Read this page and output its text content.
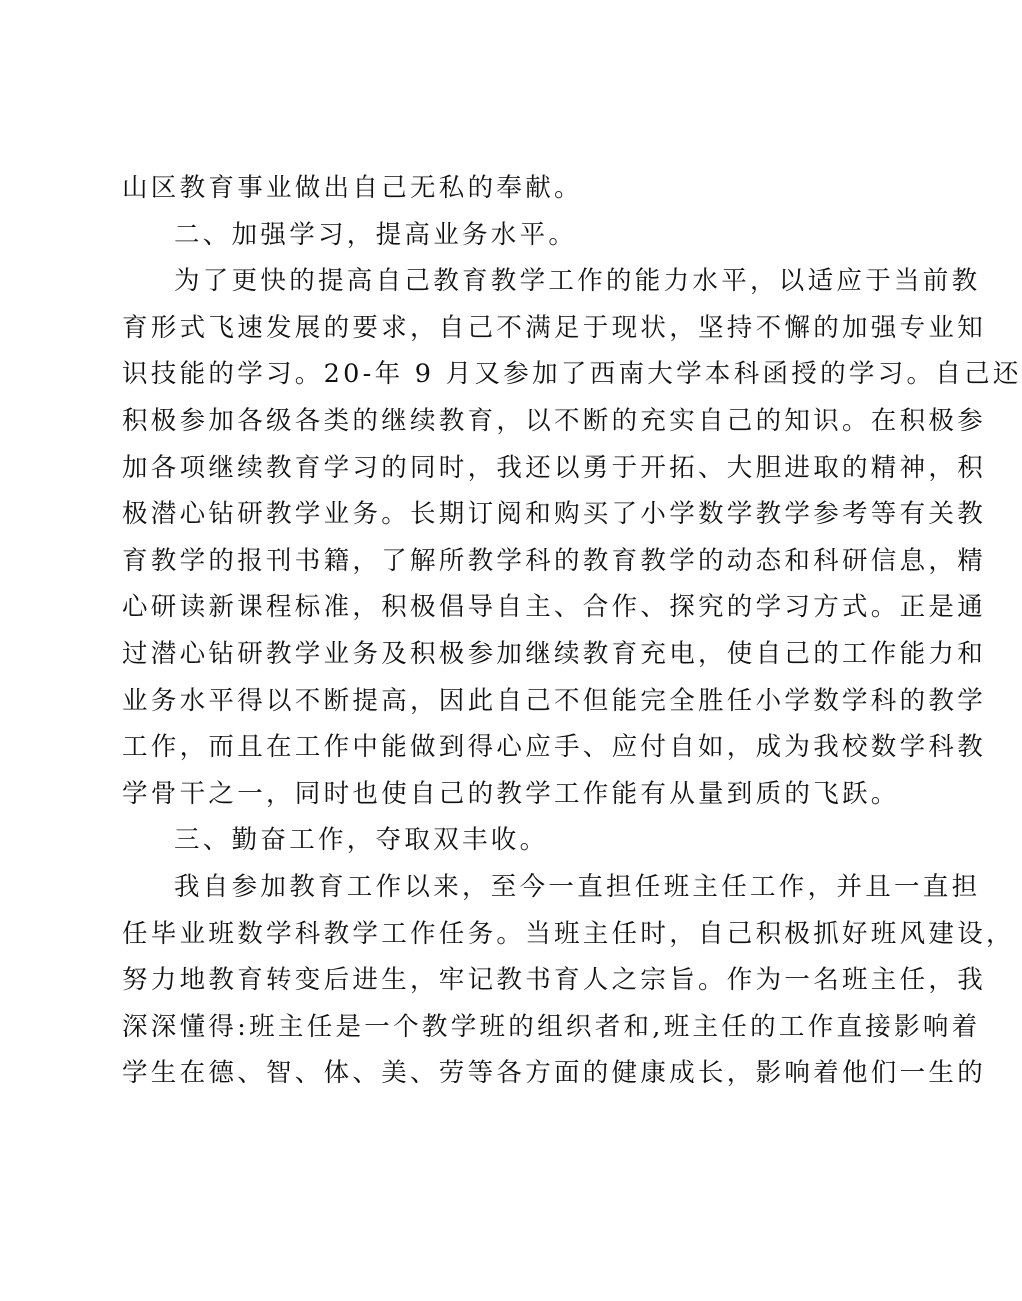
山区教育事业做出自己无私的奉献。
二、加强学习，提高业务水平。
为了更快的提高自己教育教学工作的能力水平，以适应于当前教
育形式飞速发展的要求，自己不满足于现状，坚持不懈的加强专业知
识技能的学习。20-年 9 月又参加了西南大学本科函授的学习。自己还
积极参加各级各类的继续教育，以不断的充实自己的知识。在积极参
加各项继续教育学习的同时，我还以勇于开拓、大胆进取的精神，积
极潜心钻研教学业务。长期订阅和购买了小学数学教学参考等有关教
育教学的报刊书籍，了解所教学科的教育教学的动态和科研信息，精
心研读新课程标准，积极倡导自主、合作、探究的学习方式。正是通
过潜心钻研教学业务及积极参加继续教育充电，使自己的工作能力和
业务水平得以不断提高，因此自己不但能完全胜任小学数学科的教学
工作，而且在工作中能做到得心应手、应付自如，成为我校数学科教
学骨干之一，同时也使自己的教学工作能有从量到质的飞跃。
三、勤奋工作，夺取双丰收。
我自参加教育工作以来，至今一直担任班主任工作，并且一直担
任毕业班数学科教学工作任务。当班主任时，自己积极抓好班风建设，
努力地教育转变后进生，牢记教书育人之宗旨。作为一名班主任，我
深深懂得:班主任是一个教学班的组织者和,班主任的工作直接影响着
学生在德、智、体、美、劳等各方面的健康成长，影响着他们一生的
